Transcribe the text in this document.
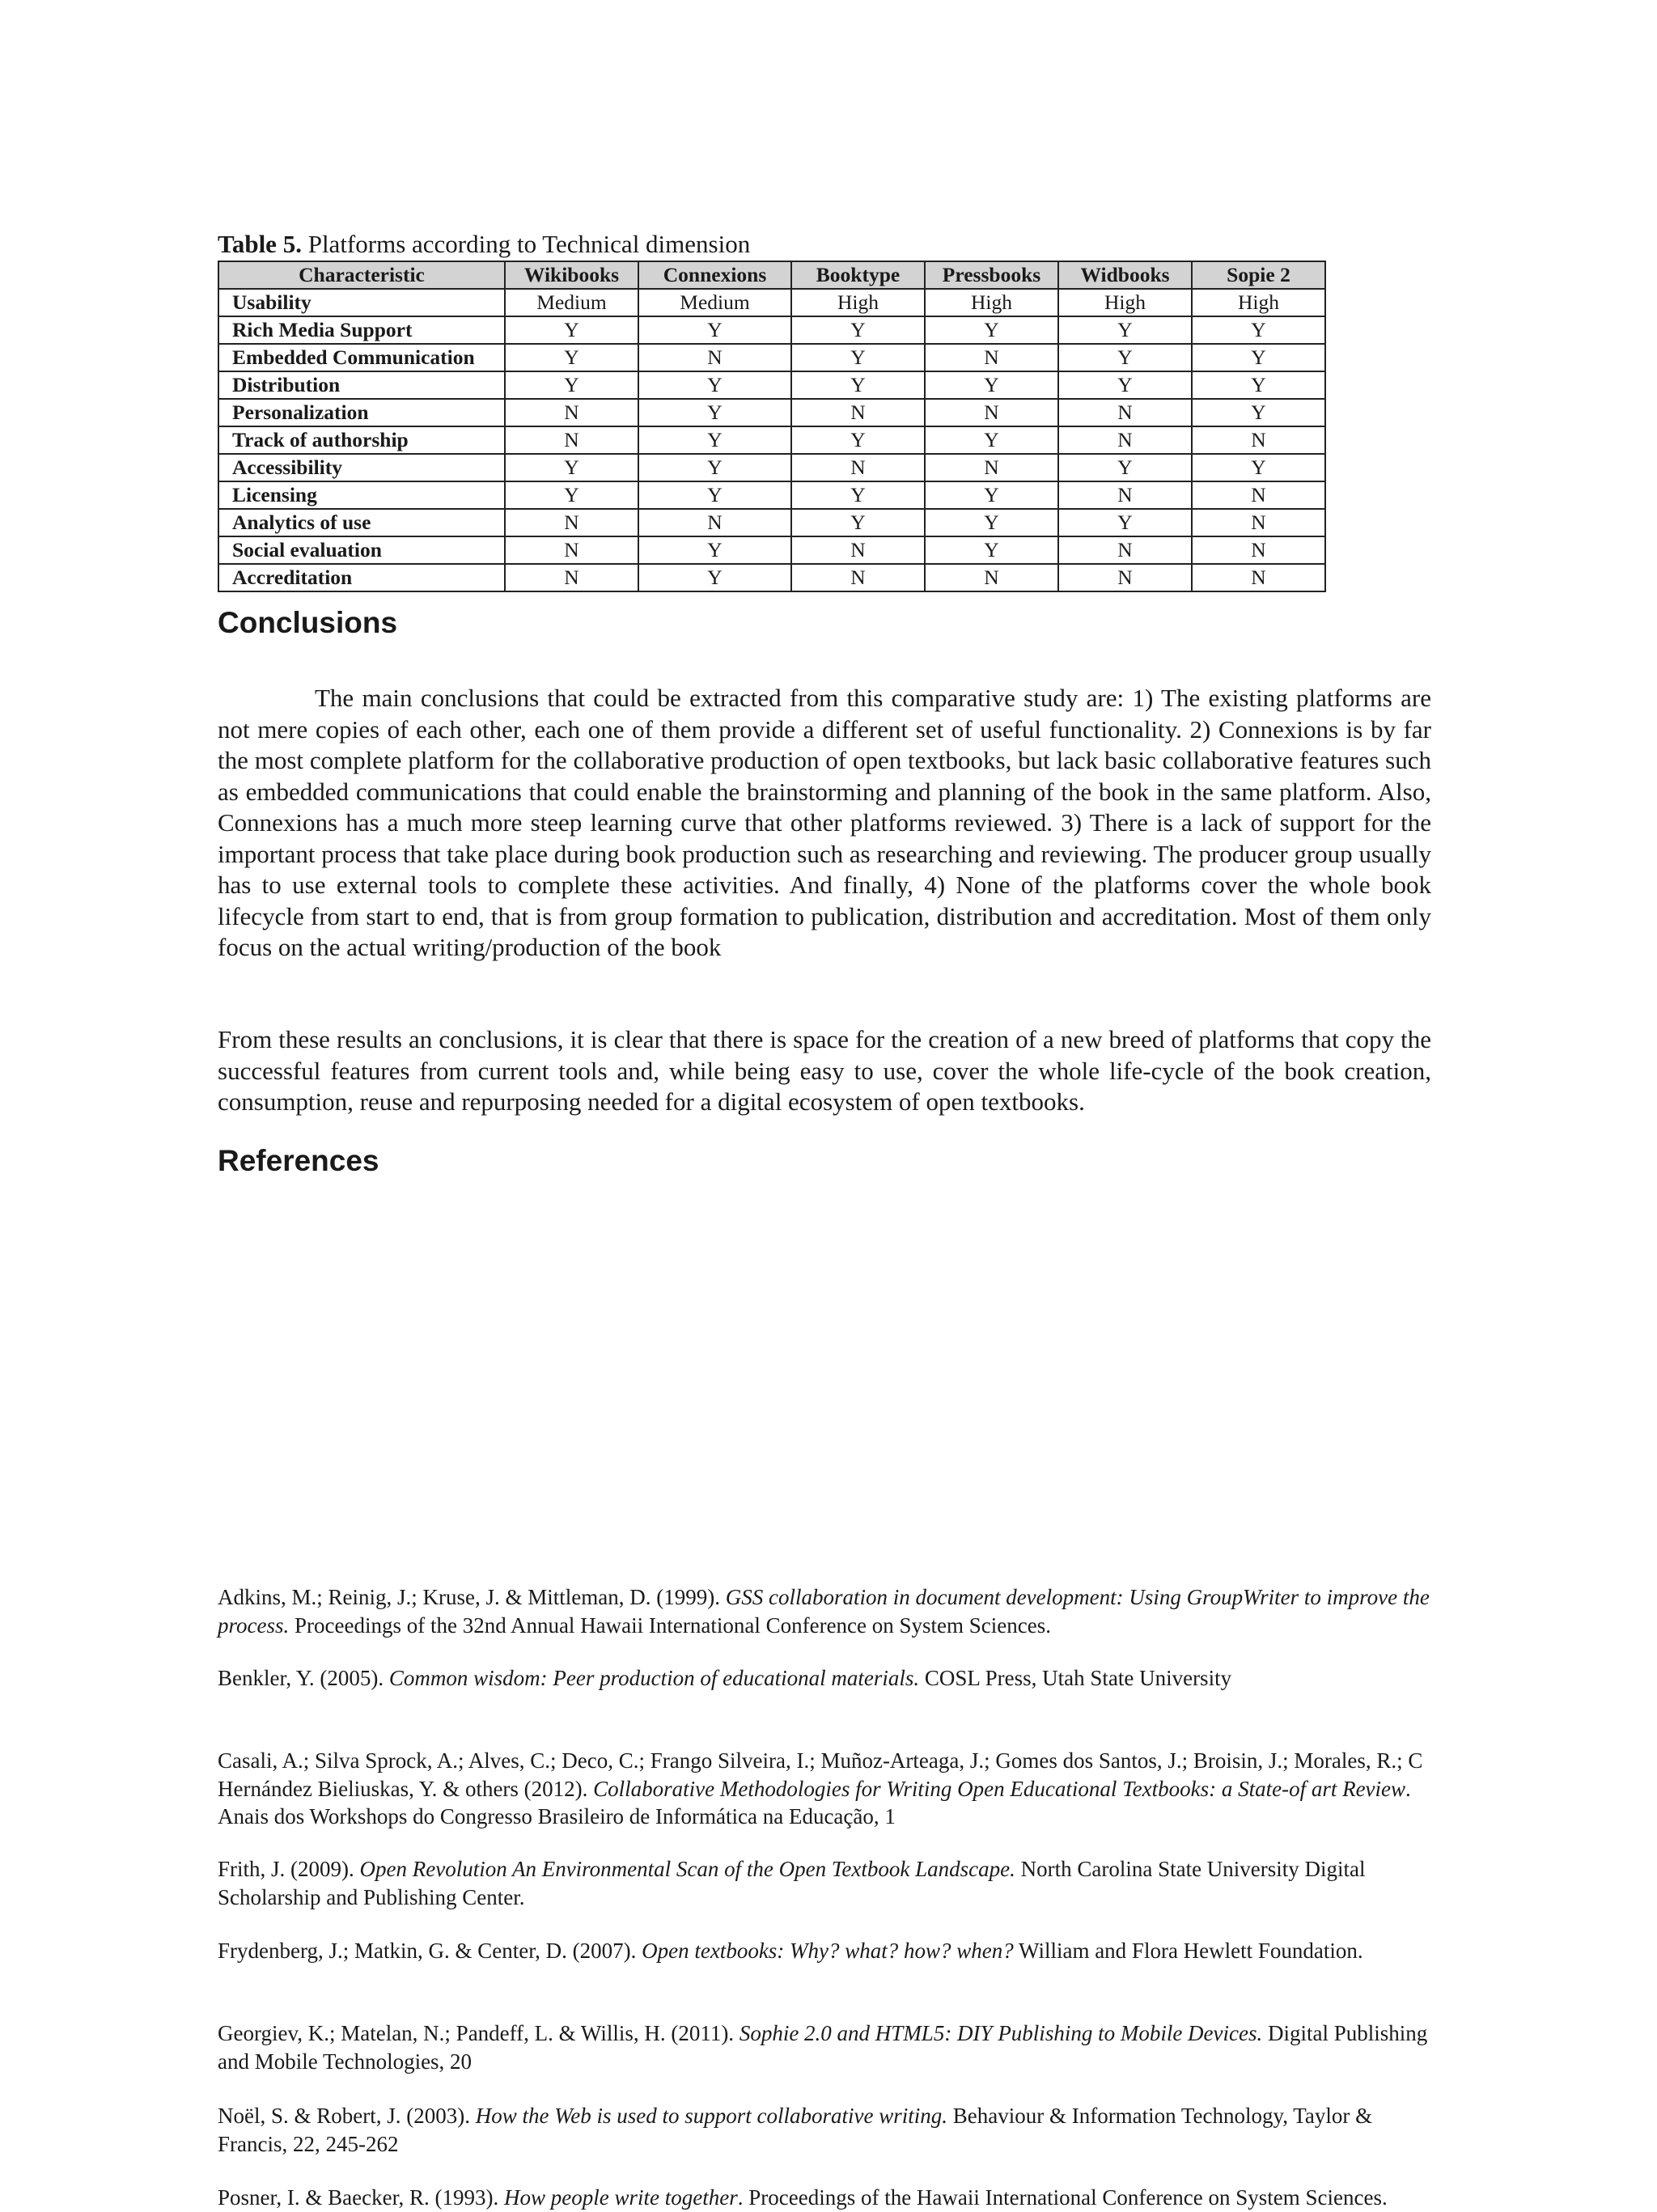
Table 5. Platforms according to Technical dimension
Characteristic	Wikibooks	Connexions	Booktype	Pressbooks	Widbooks	Sopie 2
Usability	Medium	Medium	High	High	High	High
Rich Media Support	Y	Y	Y	Y	Y	Y
Embedded Communication	Y	N	Y	N	Y	Y
Distribution	Y	Y	Y	Y	Y	Y
Personalization	N	Y	N	N	N	Y
Track of authorship	N	Y	Y	Y	N	N
Accessibility	Y	Y	N	N	Y	Y
Licensing	Y	Y	Y	Y	N	N
Analytics of use	N	N	Y	Y	Y	N
Social evaluation	N	Y	N	Y	N	N
Accreditation	N	Y	N	N	N	N
Conclusions

The main conclusions that could be extracted from this comparative study are: 1) The existing platforms are not mere copies of each other, each one of them provide a different set of useful functionality. 2) Connexions is by far the most complete platform for the collaborative production of open textbooks, but lack basic collaborative features such as embedded communications that could enable the brainstorming and planning of the book in the same platform. Also, Connexions has a much more steep learning curve that other platforms reviewed. 3) There is a lack of support for the important process that take place during book production such as researching and reviewing. The producer group usually has to use external tools to complete these activities. And finally, 4) None of the platforms cover the whole book lifecycle from start to end, that is from group formation to publication, distribution and accreditation. Most of them only focus on the actual writing/production of the book

From these results an conclusions, it is clear that there is space for the creation of a new breed of platforms that copy the successful features from current tools and, while being easy to use, cover the whole life-cycle of the book creation, consumption, reuse and repurposing needed for a digital ecosystem of open textbooks.

References

Adkins, M.; Reinig, J.; Kruse, J. & Mittleman, D. (1999). GSS collaboration in document development: Using GroupWriter to improve the process. Proceedings of the 32nd Annual Hawaii International Conference on System Sciences.

Benkler, Y. (2005). Common wisdom: Peer production of educational materials. COSL Press, Utah State University

Casali, A.; Silva Sprock, A.; Alves, C.; Deco, C.; Frango Silveira, I.; Muñoz-Arteaga, J.; Gomes dos Santos, J.; Broisin, J.; Morales, R.; C Hernández Bieliuskas, Y. & others (2012). Collaborative Methodologies for Writing Open Educational Textbooks: a State-of art Review. Anais dos Workshops do Congresso Brasileiro de Informática na Educação, 1

Frith, J. (2009). Open Revolution An Environmental Scan of the Open Textbook Landscape. North Carolina State University Digital Scholarship and Publishing Center.

Frydenberg, J.; Matkin, G. & Center, D. (2007). Open textbooks: Why? what? how? when? William and Flora Hewlett Foundation.

Georgiev, K.; Matelan, N.; Pandeff, L. & Willis, H. (2011). Sophie 2.0 and HTML5: DIY Publishing to Mobile Devices. Digital Publishing and Mobile Technologies, 20

Noël, S. & Robert, J. (2003). How the Web is used to support collaborative writing. Behaviour & Information Technology, Taylor & Francis, 22, 245-262

Posner, I. & Baecker, R. (1993). How people write together. Proceedings of the Hawaii International Conference on System Sciences.
